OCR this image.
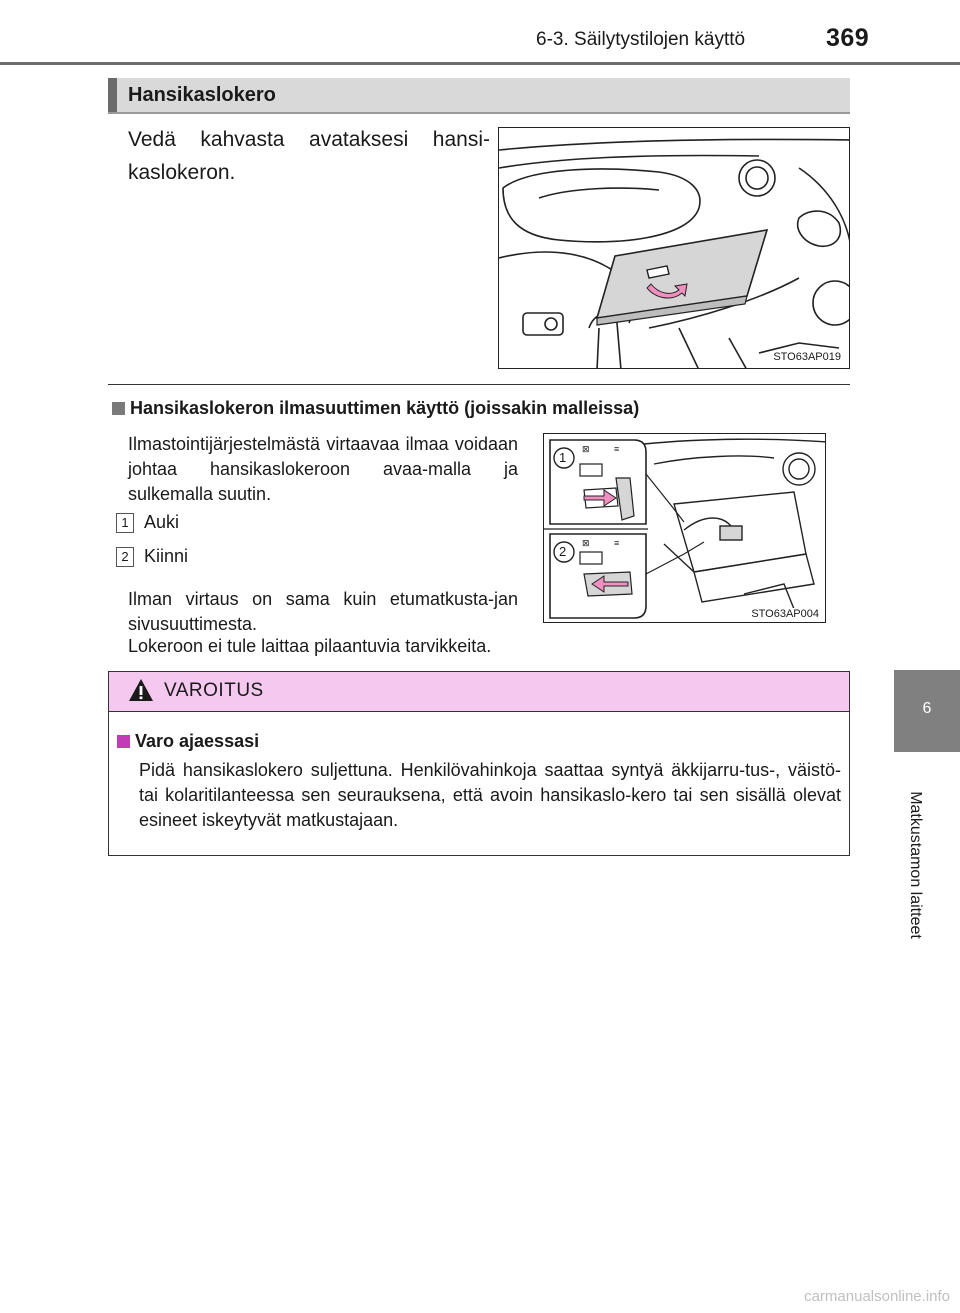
6-3. Säilytystilojen käyttö	369
6
Matkustamon laitteet
Hansikaslokero
Vedä kahvasta avataksesi hansi-kaslokeron.
STO63AP019
Hansikaslokeron ilmasuuttimen käyttö (joissakin malleissa)
Ilmastointijärjestelmästä virtaavaa ilmaa voidaan johtaa hansikaslokeroon avaa-malla ja sulkemalla suutin.
1 Auki
2 Kiinni
Ilman virtaus on sama kuin etumatkusta-jan sivusuuttimesta.
Lokeroon ei tule laittaa pilaantuvia tarvikkeita.
⊠	≡
⊠	≡
1
2
STO63AP004
VAROITUS
Varo ajaessasi
Pidä hansikaslokero suljettuna. Henkilövahinkoja saattaa syntyä äkkijarru-tus-, väistö- tai kolaritilanteessa sen seurauksena, että avoin hansikaslo-kero tai sen sisällä olevat esineet iskeytyvät matkustajaan.
carmanualsonline.info
